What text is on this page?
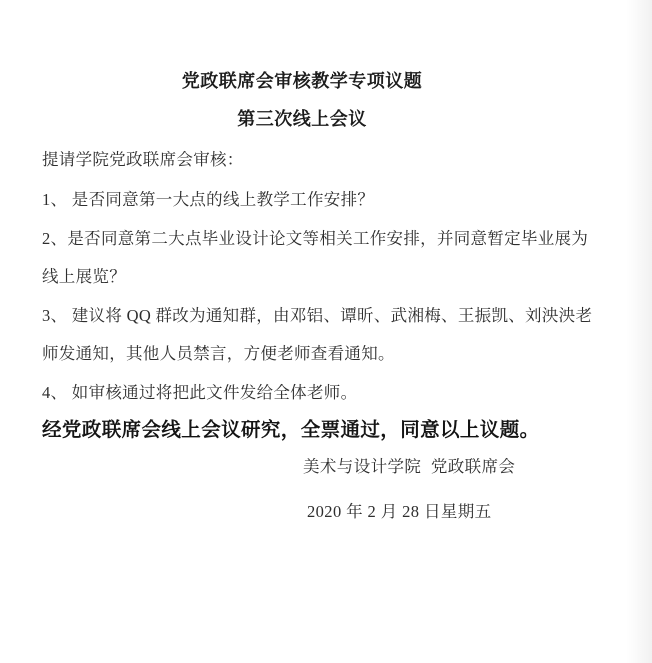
党政联席会审核教学专项议题
第三次线上会议
提请学院党政联席会审核：

1、 是否同意第一大点的线上教学工作安排？

2、是否同意第二大点毕业设计论文等相关工作安排，并同意暂定毕业展为

线上展览？

3、 建议将 QQ 群改为通知群，由邓铝、谭昕、武湘梅、王振凯、刘泱泱老

师发通知，其他人员禁言，方便老师查看通知。

4、 如审核通过将把此文件发给全体老师。

经党政联席会线上会议研究，全票通过，同意以上议题。
美术与设计学院 党政联席会
2020 年 2 月 28 日星期五
